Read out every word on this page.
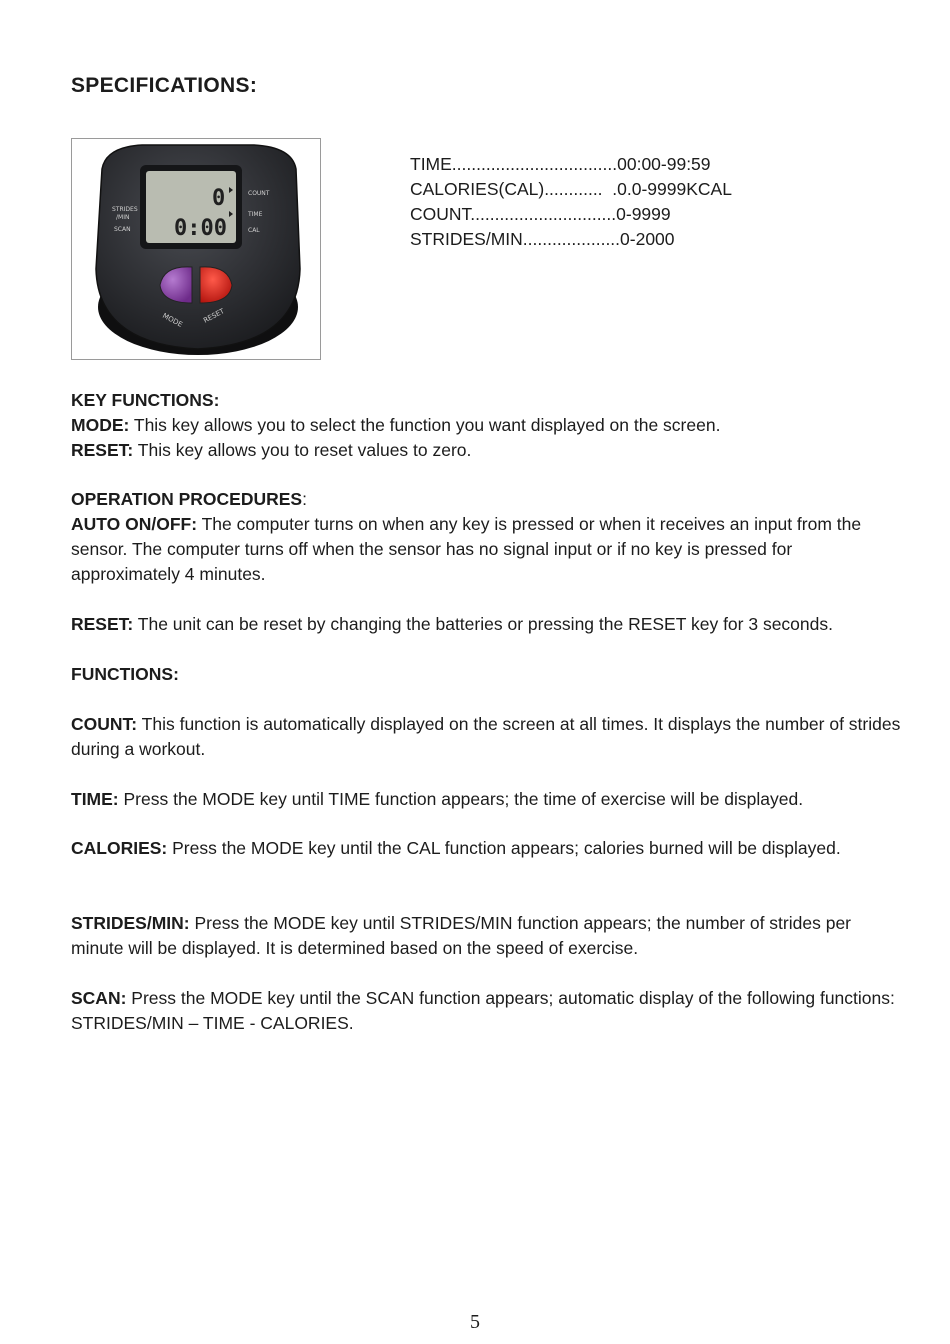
SPECIFICATIONS:
0
0:00
STRIDES
/MIN
SCAN
COUNT
TIME
CAL
MODE	RESET
TIME..................................00:00-99:59
CALORIES(CAL)............  .0.0-9999KCAL
COUNT..............................0-9999
STRIDES/MIN....................0-2000
KEY FUNCTIONS:
MODE: This key allows you to select the function you want displayed on the screen.
RESET: This key allows you to reset values to zero.
OPERATION PROCEDURES:
AUTO ON/OFF: The computer turns on when any key is pressed or when it receives an input from the sensor. The computer turns off when the sensor has no signal input or if no key is pressed for approximately 4 minutes.
RESET: The unit can be reset by changing the batteries or pressing the RESET key for 3 seconds.
FUNCTIONS:
COUNT: This function is automatically displayed on the screen at all times. It displays the number of strides during a workout.
TIME: Press the MODE key until TIME function appears; the time of exercise will be displayed.
CALORIES: Press the MODE key until the CAL function appears; calories burned will be displayed.
STRIDES/MIN: Press the MODE key until STRIDES/MIN function appears; the number of strides per minute will be displayed. It is determined based on the speed of exercise.
SCAN: Press the MODE key until the SCAN function appears; automatic display of the following functions: STRIDES/MIN – TIME - CALORIES.
5
